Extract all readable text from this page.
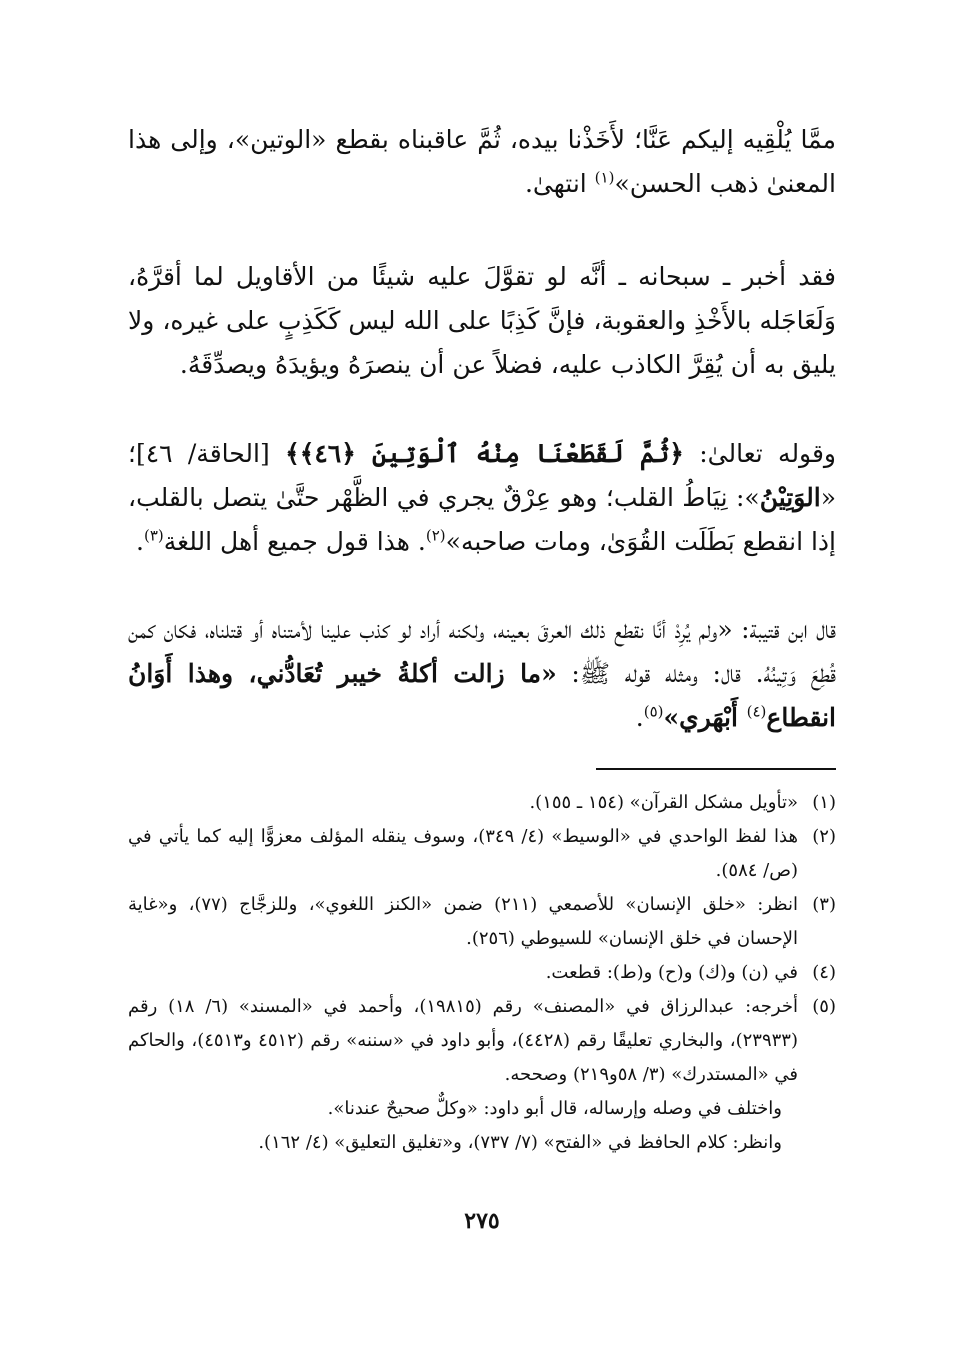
ممَّا يُلْقِيه إليكم عَنَّا؛ لأَخَذْنا بيده، ثُمَّ عاقبناه بقطع «الوتين»، وإلى هذا المعنىٰ ذهب الحسن»$^{(١)}$ انتهىٰ.

فقد أخبر ـ سبحانه ـ أنَّه لو تقوَّلَ عليه شيئًا من الأقاويل لما أقرَّهُ، وَلَعَاجَله بالأَخْذِ والعقوبة، فإنَّ كَذِبًا على الله ليس كَكَذِبٍ على غيره، ولا يليق به أن يُقِرَّ الكاذب عليه، فضلاً عن أن ينصرَهُ ويؤيدَهُ ويصدِّقَهُ.

وقوله تعالىٰ: ﴿ثُمَّ لَقَطَعْنَا مِنْهُ ٱلْوَتِينَ ﴿٤٦﴾﴾ [الحاقة/ ٤٦]؛ «الوَتِيْنُ»: نِيَاطُ القلب؛ وهو عِرْقٌ يجري في الظَّهْر حتَّىٰ يتصل بالقلب، إذا انقطع بَطَلَت القُوَىٰ، ومات صاحبه»$^{(٢)}$. هذا قول جميع أهل اللغة$^{(٣)}$.

قال ابن قتيبة: «ولم يُرِدْ أنَّا نقطع ذلك العرقَ بعينه، ولكنه أراد لو كذب علينا لأمتناه أو قتلناه، فكان كمن قُطِعَ وَتِينُهُ. قال: ومثله قوله ﷺ: «ما زالت أكلةُ خيبر تُعَادُّني، وهذا أَوَانُ انقطاع$^{(٤)}$ أَبْهَري»$^{(٥)}$.

(١)
«تأويل مشكل القرآن» (١٥٤ ـ ١٥٥).
(٢)
هذا لفظ الواحدي في «الوسيط» (٤/ ٣٤٩)، وسوف ينقله المؤلف معزوًّا إليه كما يأتي في (ص/ ٥٨٤).
(٣)
انظر: «خلق الإنسان» للأصمعي (٢١١) ضمن «الكنز اللغوي»، وللزجَّاج (٧٧)، و«غاية الإحسان في خلق الإنسان» للسيوطي (٢٥٦).
(٤)
في (ن) و(ك) و(ح) و(ط): قطعت.
(٥)
أخرجه: عبدالرزاق في «المصنف» رقم (١٩٨١٥)، وأحمد في «المسند» (٦/ ١٨) رقم (٢٣٩٣٣)، والبخاري تعليقًا رقم (٤٤٢٨)، وأبو داود في «سننه» رقم (٤٥١٢ و٤٥١٣)، والحاكم في «المستدرك» (٣/ ٥٨و٢١٩) وصححه.
واختلف في وصله وإرساله، قال أبو داود: «وكلٌّ صحيحٌ عندنا».
وانظر: كلام الحافظ في «الفتح» (٧/ ٧٣٧)، و«تغليق التعليق» (٤/ ١٦٢).
٢٧٥
